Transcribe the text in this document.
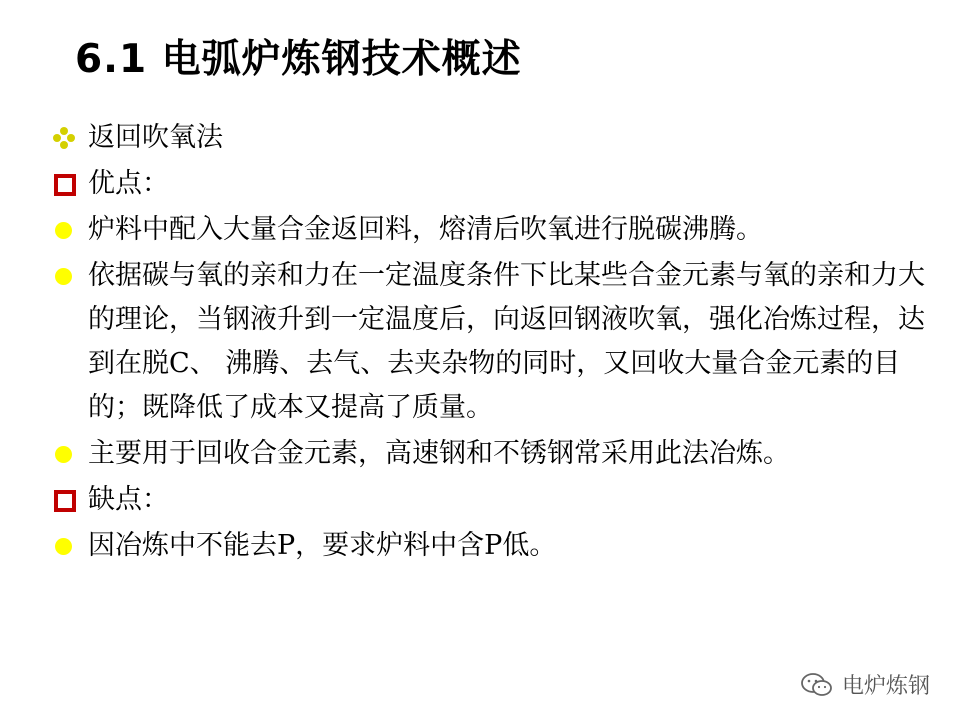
6.1 电弧炉炼钢技术概述
返回吹氧法
优点：
炉料中配入大量合金返回料，熔清后吹氧进行脱碳沸腾。
依据碳与氧的亲和力在一定温度条件下比某些合金元素与氧的亲和力大的理论，当钢液升到一定温度后，向返回钢液吹氧，强化冶炼过程，达到在脱C、 沸腾、去气、去夹杂物的同时，又回收大量合金元素的目的；既降低了成本又提高了质量。
主要用于回收合金元素，高速钢和不锈钢常采用此法冶炼。
缺点：
因冶炼中不能去P，要求炉料中含P低。
电炉炼钢
